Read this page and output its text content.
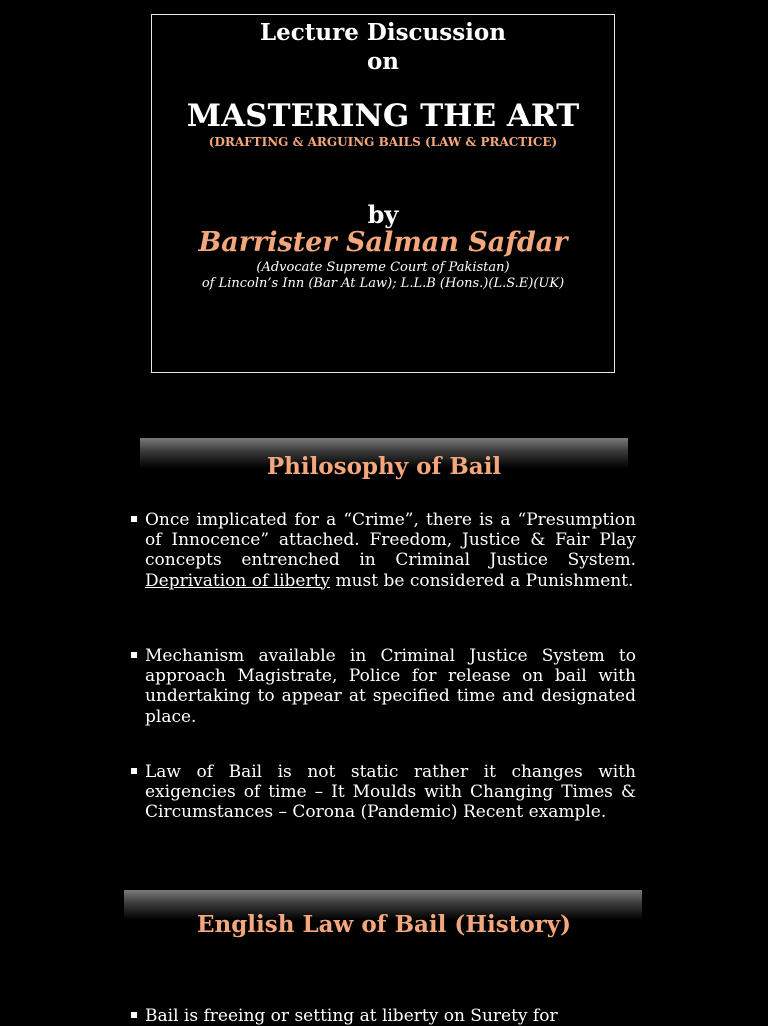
Lecture Discussion
on
MASTERING THE ART
(DRAFTING & ARGUING BAILS (LAW & PRACTICE)
by
Barrister Salman Safdar
(Advocate Supreme Court of Pakistan)
of Lincoln’s Inn (Bar At Law); L.L.B (Hons.)(L.S.E)(UK)
Philosophy of Bail
Once implicated for a “Crime”, there is a “Presumption of Innocence” attached. Freedom, Justice & Fair Play concepts entrenched in Criminal Justice System. Deprivation of liberty must be considered a Punishment.
Mechanism available in Criminal Justice System to approach Magistrate, Police for release on bail with undertaking to appear at specified time and designated place.
Law of Bail is not static rather it changes with exigencies of time – It Moulds with Changing Times & Circumstances – Corona (Pandemic) Recent example.
English Law of Bail (History)
Bail is freeing or setting at liberty on Surety for
